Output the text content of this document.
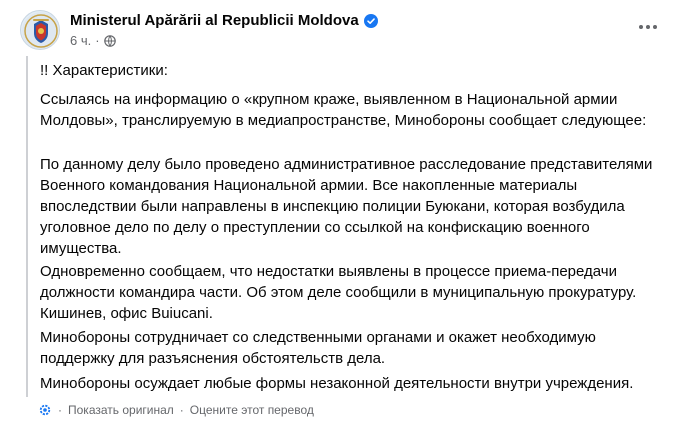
Ministerul Apărării al Republicii Moldova
6 ч. ·

!! Характеристики:

Ссылаясь на информацию о «крупном краже, выявленном в Национальной армии Молдовы», транслируемую в медиапространстве, Минобороны сообщает следующее:

По данному делу было проведено административное расследование представителями Военного командования Национальной армии. Все накопленные материалы впоследствии были направлены в инспекцию полиции Буюкани, которая возбудила уголовное дело по делу о преступлении со ссылкой на конфискацию военного имущества.

Одновременно сообщаем, что недостатки выявлены в процессе приема-передачи должности командира части. Об этом деле сообщили в муниципальную прокуратуру. Кишинев, офис Buiucani.

Минобороны сотрудничает со следственными органами и окажет необходимую поддержку для разъяснения обстоятельств дела.

Минобороны осуждает любые формы незаконной деятельности внутри учреждения.

· Показать оригинал · Оцените этот перевод
